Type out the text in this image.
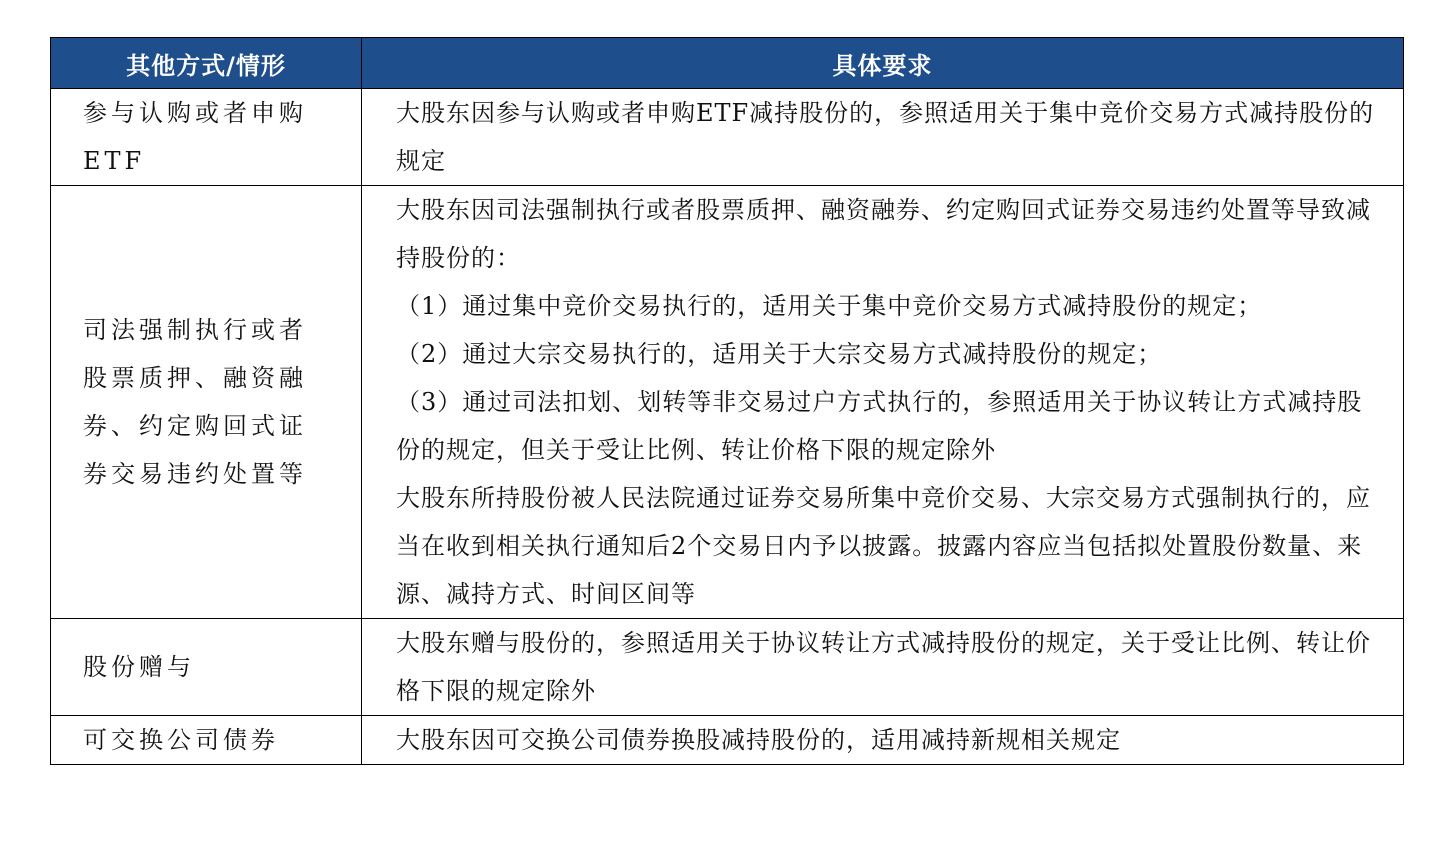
其他方式/情形	具体要求
参与认购或者申购ETF	大股东因参与认购或者申购ETF减持股份的，参照适用关于集中竞价交易方式减持股份的规定

司法强制执行或者股票质押、融资融券、约定购回式证券交易违约处置等	大股东因司法强制执行或者股票质押、融资融券、约定购回式证券交易违约处置等导致减持股份的：
（1）通过集中竞价交易执行的，适用关于集中竞价交易方式减持股份的规定；
（2）通过大宗交易执行的，适用关于大宗交易方式减持股份的规定；
（3）通过司法扣划、划转等非交易过户方式执行的，参照适用关于协议转让方式减持股份的规定，但关于受让比例、转让价格下限的规定除外
大股东所持股份被人民法院通过证券交易所集中竞价交易、大宗交易方式强制执行的，应当在收到相关执行通知后2个交易日内予以披露。披露内容应当包括拟处置股份数量、来源、减持方式、时间区间等

股份赠与	大股东赠与股份的，参照适用关于协议转让方式减持股份的规定，关于受让比例、转让价格下限的规定除外

可交换公司债券	大股东因可交换公司债券换股减持股份的，适用减持新规相关规定
